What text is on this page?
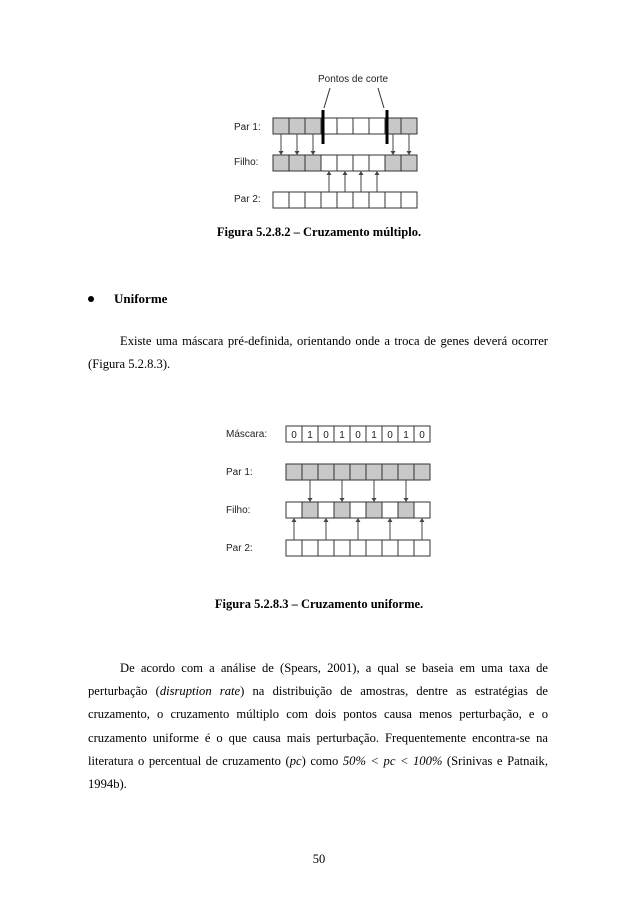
Pontos de corte
Par 1:
Filho:
Par 2:
Figura 5.2.8.2 – Cruzamento múltiplo.
Uniforme
Existe uma máscara pré-definida, orientando onde a troca de genes deverá ocorrer (Figura 5.2.8.3).
Máscara:
Par 1:
Filho:
Par 2:
0 1 0 1 0 1 0 1 0
Figura 5.2.8.3 – Cruzamento uniforme.
De acordo com a análise de (Spears, 2001), a qual se baseia em uma taxa de perturbação (disruption rate) na distribuição de amostras, dentre as estratégias de cruzamento, o cruzamento múltiplo com dois pontos causa menos perturbação, e o cruzamento uniforme é o que causa mais perturbação. Frequentemente encontra-se na literatura o percentual de cruzamento (pc) como 50% < pc < 100% (Srinivas e Patnaik, 1994b).
50
